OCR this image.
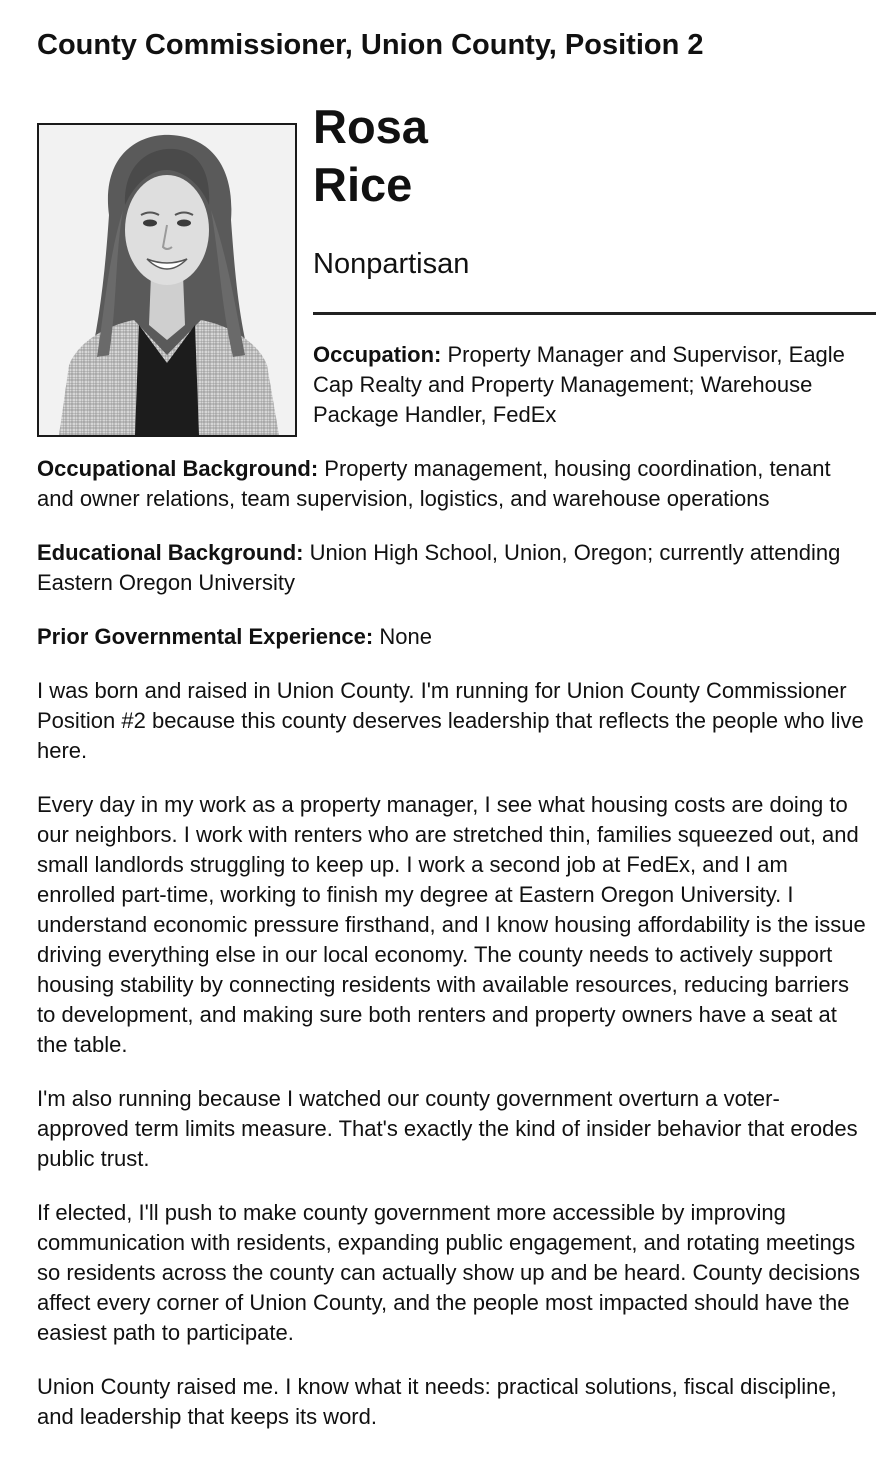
County Commissioner, Union County, Position 2
Rosa
Rice
Nonpartisan

Occupation: Property Manager and Supervisor, Eagle Cap Realty and Property Management; Warehouse Package Handler, FedEx

Occupational Background: Property management, housing coordination, tenant and owner relations, team supervision, logistics, and warehouse operations

Educational Background: Union High School, Union, Oregon; currently attending Eastern Oregon University

Prior Governmental Experience: None

I was born and raised in Union County. I'm running for Union County Commissioner Position #2 because this county deserves leadership that reflects the people who live here.

Every day in my work as a property manager, I see what housing costs are doing to our neighbors. I work with renters who are stretched thin, families squeezed out, and small landlords struggling to keep up. I work a second job at FedEx, and I am enrolled part-time, working to finish my degree at Eastern Oregon University. I understand economic pressure firsthand, and I know housing affordability is the issue driving everything else in our local economy. The county needs to actively support housing stability by connecting residents with available resources, reducing barriers to development, and making sure both renters and property owners have a seat at the table.

I'm also running because I watched our county government overturn a voter-approved term limits measure. That's exactly the kind of insider behavior that erodes public trust.

If elected, I'll push to make county government more accessible by improving communication with residents, expanding public engagement, and rotating meetings so residents across the county can actually show up and be heard. County decisions affect every corner of Union County, and the people most impacted should have the easiest path to participate.

Union County raised me. I know what it needs: practical solutions, fiscal discipline, and leadership that keeps its word.
